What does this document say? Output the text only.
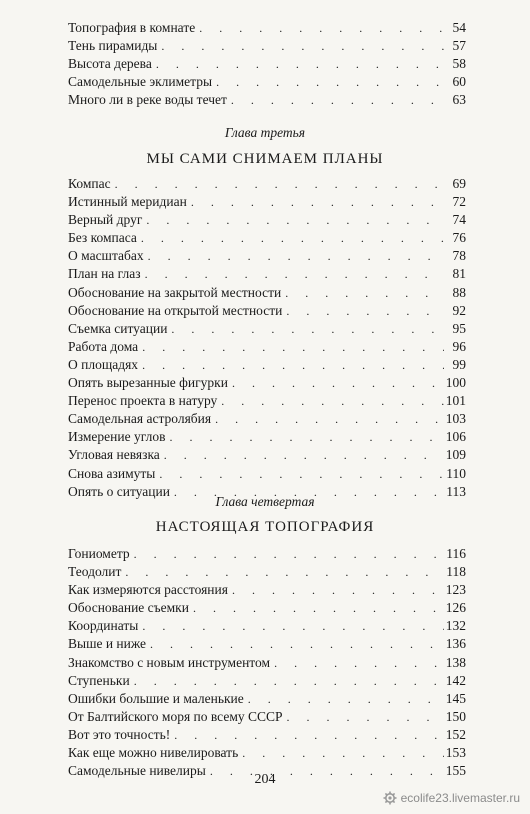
Топография в комнате . . .	54
Тень пирамиды . . .	57
Высота дерева . . .	58
Самодельные эклиметры . . .	60
Много ли в реке воды течет . . .	63
Глава третья
МЫ САМИ СНИМАЕМ ПЛАНЫ
Компас . . .	69
Истинный меридиан . . .	72
Верный друг . . .	74
Без компаса . . .	76
О масштабах . . .	78
План на глаз . . .	81
Обоснование на закрытой местности . . .	88
Обоснование на открытой местности . . .	92
Съемка ситуации . . .	95
Работа дома . . .	96
О площадях . . .	99
Опять вырезанные фигурки . . .	100
Перенос проекта в натуру . . .	101
Самодельная астролябия . . .	103
Измерение углов . . .	106
Угловая невязка . . .	109
Снова азимуты . . .	110
Опять о ситуации . . .	113
Глава четвертая
НАСТОЯЩАЯ ТОПОГРАФИЯ
Гониометр . . .	116
Теодолит . . .	118
Как измеряются расстояния . . .	123
Обоснование съемки . . .	126
Координаты . . .	132
Выше и ниже . . .	136
Знакомство с новым инструментом . . .	138
Ступеньки . . .	142
Ошибки большие и маленькие . . .	145
От Балтийского моря по всему СССР . . .	150
Вот это точность! . . .	152
Как еще можно нивелировать . . .	153
Самодельные нивелиры . . .	155
204
ecolife23.livemaster.ru
